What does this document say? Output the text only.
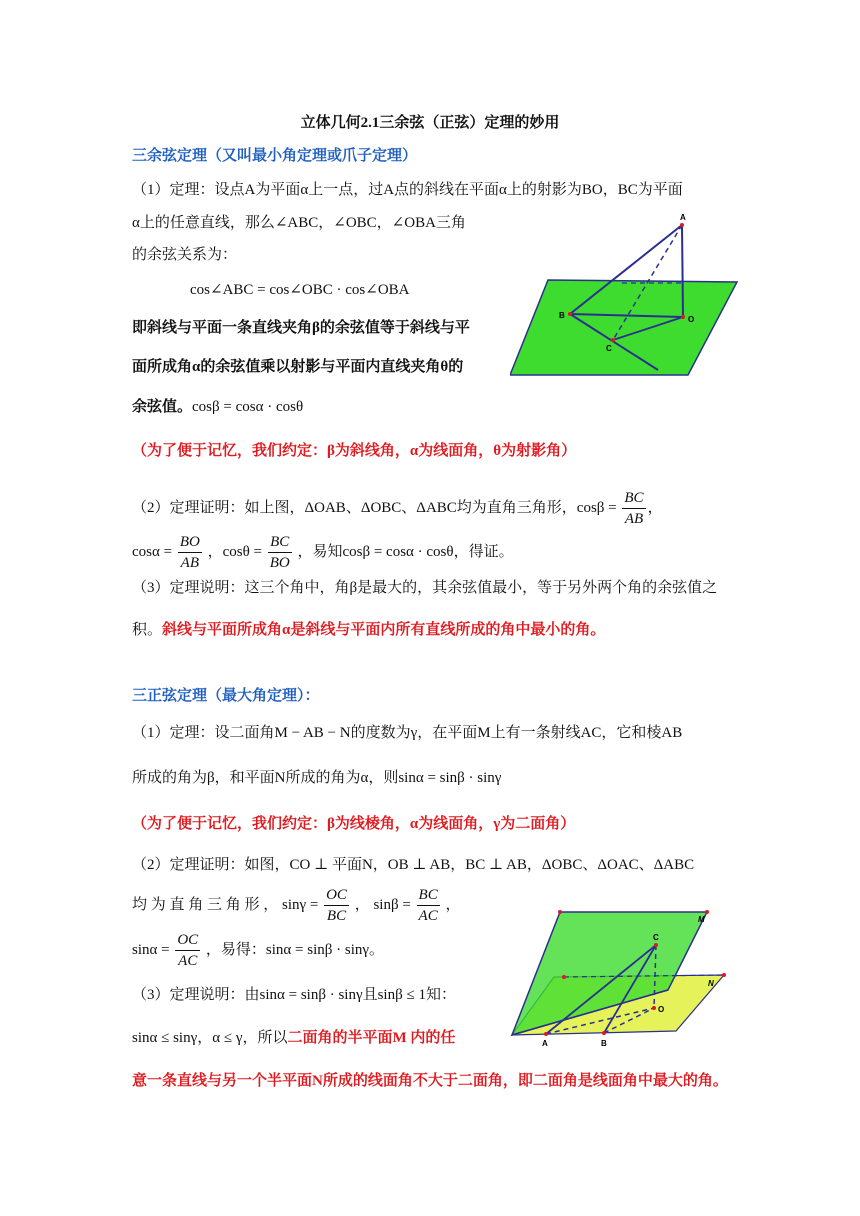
立体几何2.1三余弦（正弦）定理的妙用
三余弦定理（又叫最小角定理或爪子定理）
（1）定理：设点A为平面α上一点，过A点的斜线在平面α上的射影为BO，BC为平面
α上的任意直线，那么∠ABC，∠OBC，∠OBA三角
的余弦关系为：
cos∠ABC = cos∠OBC · cos∠OBA
即斜线与平面一条直线夹角β的余弦值等于斜线与平
面所成角α的余弦值乘以射影与平面内直线夹角θ的
余弦值。cosβ = cosα · cosθ
（为了便于记忆，我们约定：β为斜线角，α为线面角，θ为射影角）
（2）定理证明：如上图，ΔOAB、ΔOBC、ΔABC均为直角三角形，$\cos\beta = \frac{BC}{AB}$ ，
$\cos\alpha = \frac{BO}{AB}$ ，$\cos\theta = \frac{BC}{BO}$ ，易知cosβ = cosα · cosθ，得证。
（3）定理说明：这三个角中，角β是最大的，其余弦值最小，等于另外两个角的余弦值之
积。斜线与平面所成角α是斜线与平面内所有直线所成的角中最小的角。
A
B
C
O
三正弦定理（最大角定理）：
（1）定理：设二面角M − AB − N的度数为γ，在平面M上有一条射线AC，它和棱AB
所成的角为β，和平面N所成的角为α，则sinα = sinβ · sinγ
（为了便于记忆，我们约定：β为线棱角，α为线面角，γ为二面角）
（2）定理证明：如图，CO ⊥ 平面N，OB ⊥ AB，BC ⊥ AB，ΔOBC、ΔOAC、ΔABC
均 为 直 角 三 角 形 ， $\sin\gamma = \frac{OC}{BC}$ ， $\sin\beta = \frac{BC}{AC}$ ，
$\sin\alpha = \frac{OC}{AC}$ ，易得：sinα = sinβ · sinγ。
（3）定理说明：由sinα = sinβ · sinγ且sinβ ≤ 1知：
sinα ≤ sinγ，α ≤ γ，所以二面角的半平面M 内的任
意一条直线与另一个半平面N所成的线面角不大于二面角，即二面角是线面角中最大的角。
C
A	B
O
M
N
